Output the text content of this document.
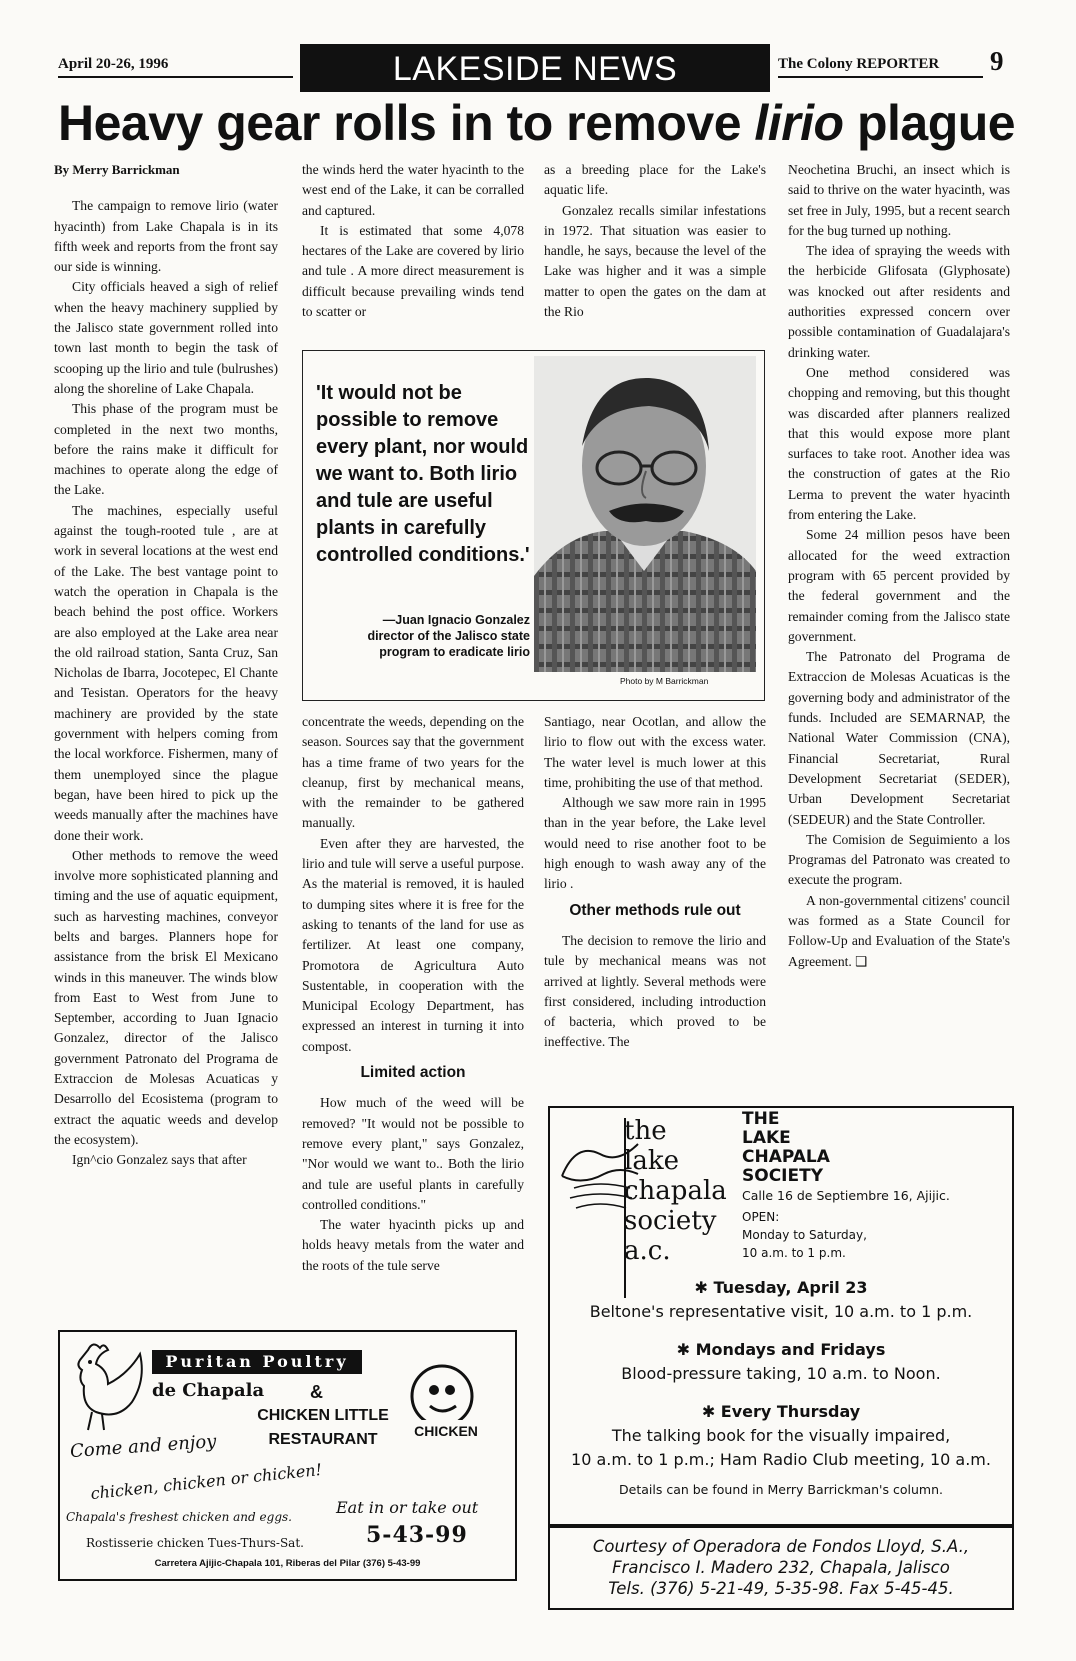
April 20-26, 1996	LAKESIDE NEWS	The Colony REPORTER	9
Heavy gear rolls in to remove lirio plague

By Merry Barrickman

The campaign to remove lirio (water hyacinth) from Lake Chapala is in its fifth week and reports from the front say our side is winning.

City officials heaved a sigh of relief when the heavy machinery supplied by the Jalisco state government rolled into town last month to begin the task of scooping up the lirio and tule (bulrushes) along the shoreline of Lake Chapala.

This phase of the program must be completed in the next two months, before the rains make it difficult for machines to operate along the edge of the Lake.

The machines, especially useful against the tough-rooted tule , are at work in several locations at the west end of the Lake. The best vantage point to watch the operation in Chapala is the beach behind the post office. Workers are also employed at the Lake area near the old railroad station, Santa Cruz, San Nicholas de Ibarra, Jocotepec, El Chante and Tesistan. Operators for the heavy machinery are provided by the state government with helpers coming from the local workforce. Fishermen, many of them unemployed since the plague began, have been hired to pick up the weeds manually after the machines have done their work.

Other methods to remove the weed involve more sophisticated planning and timing and the use of aquatic equipment, such as harvesting machines, conveyor belts and barges. Planners hope for assistance from the brisk El Mexicano winds in this maneuver. The winds blow from East to West from June to September, according to Juan Ignacio Gonzalez, director of the Jalisco government Patronato del Programa de Extraccion de Molesas Acuaticas y Desarrollo del Ecosistema (program to extract the aquatic weeds and develop the ecosystem).

Ign^cio Gonzalez says that after

the winds herd the water hyacinth to the west end of the Lake, it can be corralled and captured.

It is estimated that some 4,078 hectares of the Lake are covered by lirio and tule . A more direct measurement is difficult because prevailing winds tend to scatter or

as a breeding place for the Lake's aquatic life.

Gonzalez recalls similar infestations in 1972. That situation was easier to handle, he says, because the level of the Lake was higher and it was a simple matter to open the gates on the dam at the Rio

'It would not be possible to remove every plant, nor would we want to. Both lirio and tule are useful plants in carefully controlled conditions.'
—Juan Ignacio Gonzalez
director of the Jalisco state program to eradicate lirio
Photo by M Barrickman

concentrate the weeds, depending on the season. Sources say that the government has a time frame of two years for the cleanup, first by mechanical means, with the remainder to be gathered manually.

Even after they are harvested, the lirio and tule will serve a useful purpose. As the material is removed, it is hauled to dumping sites where it is free for the asking to tenants of the land for use as fertilizer. At least one company, Promotora de Agricultura Auto Sustentable, in cooperation with the Municipal Ecology Department, has expressed an interest in turning it into compost.

Limited action

How much of the weed will be removed? "It would not be possible to remove every plant," says Gonzalez, "Nor would we want to.. Both the lirio and tule are useful plants in carefully controlled conditions."

The water hyacinth picks up and holds heavy metals from the water and the roots of the tule serve

Santiago, near Ocotlan, and allow the lirio to flow out with the excess water. The water level is much lower at this time, prohibiting the use of that method.

Although we saw more rain in 1995 than in the year before, the Lake level would need to rise another foot to be high enough to wash away any of the lirio .

Other methods rule out

The decision to remove the lirio and tule by mechanical means was not arrived at lightly. Several methods were first considered, including introduction of bacteria, which proved to be ineffective. The

Neochetina Bruchi, an insect which is said to thrive on the water hyacinth, was set free in July, 1995, but a recent search for the bug turned up nothing.

The idea of spraying the weeds with the herbicide Glifosata (Glyphosate) was knocked out after residents and authorities expressed concern over possible contamination of Guadalajara's drinking water.

One method considered was chopping and removing, but this thought was discarded after planners realized that this would expose more plant surfaces to take root. Another idea was the construction of gates at the Rio Lerma to prevent the water hyacinth from entering the Lake.

Some 24 million pesos have been allocated for the weed extraction program with 65 percent provided by the federal government and the remainder coming from the Jalisco state government.

The Patronato del Programa de Extraccion de Molesas Acuaticas is the governing body and administrator of the funds. Included are SEMARNAP, the National Water Commission (CNA), Financial Secretariat, Rural Development Secretariat (SEDER), Urban Development Secretariat (SEDEUR) and the State Controller.

The Comision de Seguimiento a los Programas del Patronato was created to execute the program.

A non-governmental citizens' council was formed as a State Council for Follow-Up and Evaluation of the State's Agreement. ❑

Puritan Poultry
de Chapala	&
CHICKEN LITTLE RESTAURANT	CHICKEN
Come and enjoy
chicken, chicken or chicken!
Eat in or take out
Chapala's freshest chicken and eggs.
Rostisserie chicken Tues-Thurs-Sat.	5-43-99
Carretera Ajijic-Chapala 101, Riberas del Pilar (376) 5-43-99
the
lake
chapala
society
a.c.
THE
LAKE
CHAPALA
SOCIETY
Calle 16 de Septiembre 16, Ajijic.
OPEN:
Monday to Saturday,
10 a.m. to 1 p.m.
✱ Tuesday, April 23
Beltone's representative visit, 10 a.m. to 1 p.m.
✱ Mondays and Fridays
Blood-pressure taking, 10 a.m. to Noon.
✱ Every Thursday
The talking book for the visually impaired,
10 a.m. to 1 p.m.; Ham Radio Club meeting, 10 a.m.
Details can be found in Merry Barrickman's column.
Courtesy of Operadora de Fondos Lloyd, S.A.,
Francisco I. Madero 232, Chapala, Jalisco
Tels. (376) 5-21-49, 5-35-98. Fax 5-45-45.
